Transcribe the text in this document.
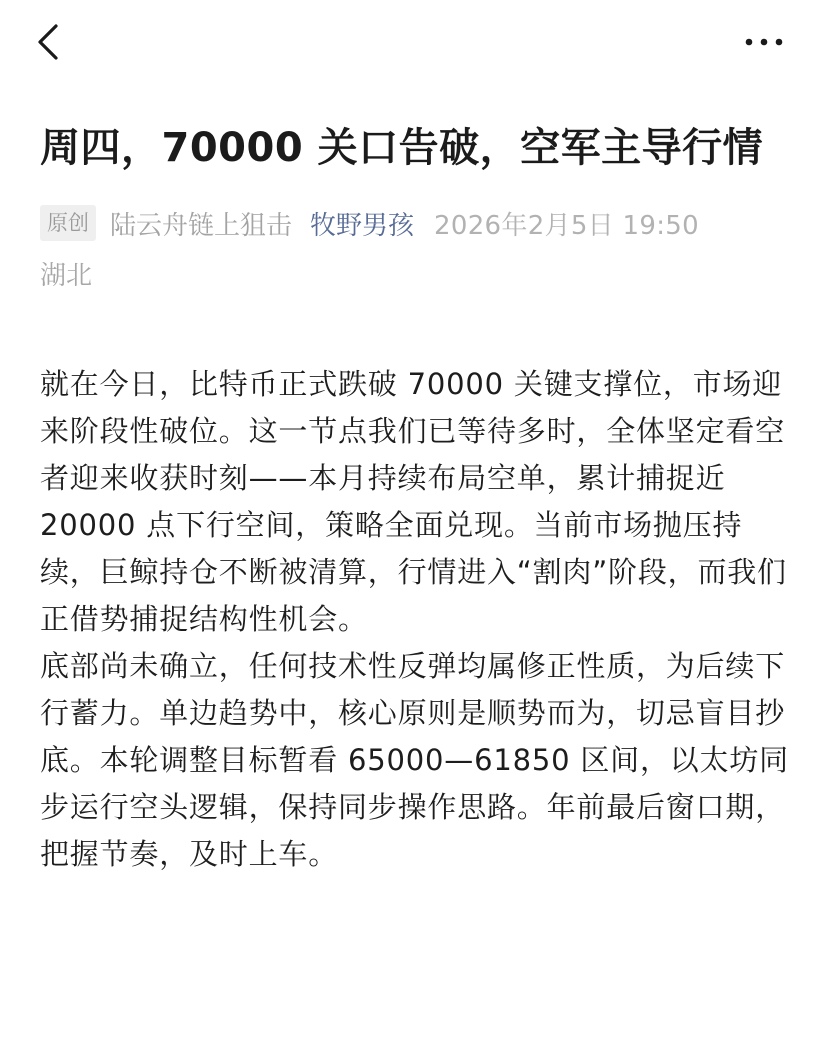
周四，70000 关口告破，空军主导行情
原创 陆云舟链上狙击 牧野男孩 2026年2月5日 19:50
湖北

就在今日，比特币正式跌破 70000 关键支撑位，市场迎来阶段性破位。这一节点我们已等待多时，全体坚定看空者迎来收获时刻——本月持续布局空单，累计捕捉近 20000 点下行空间，策略全面兑现。当前市场抛压持续，巨鲸持仓不断被清算，行情进入“割肉”阶段，而我们正借势捕捉结构性机会。

底部尚未确立，任何技术性反弹均属修正性质，为后续下行蓄力。单边趋势中，核心原则是顺势而为，切忌盲目抄底。本轮调整目标暂看 65000—61850 区间，以太坊同步运行空头逻辑，保持同步操作思路。年前最后窗口期，把握节奏，及时上车。
